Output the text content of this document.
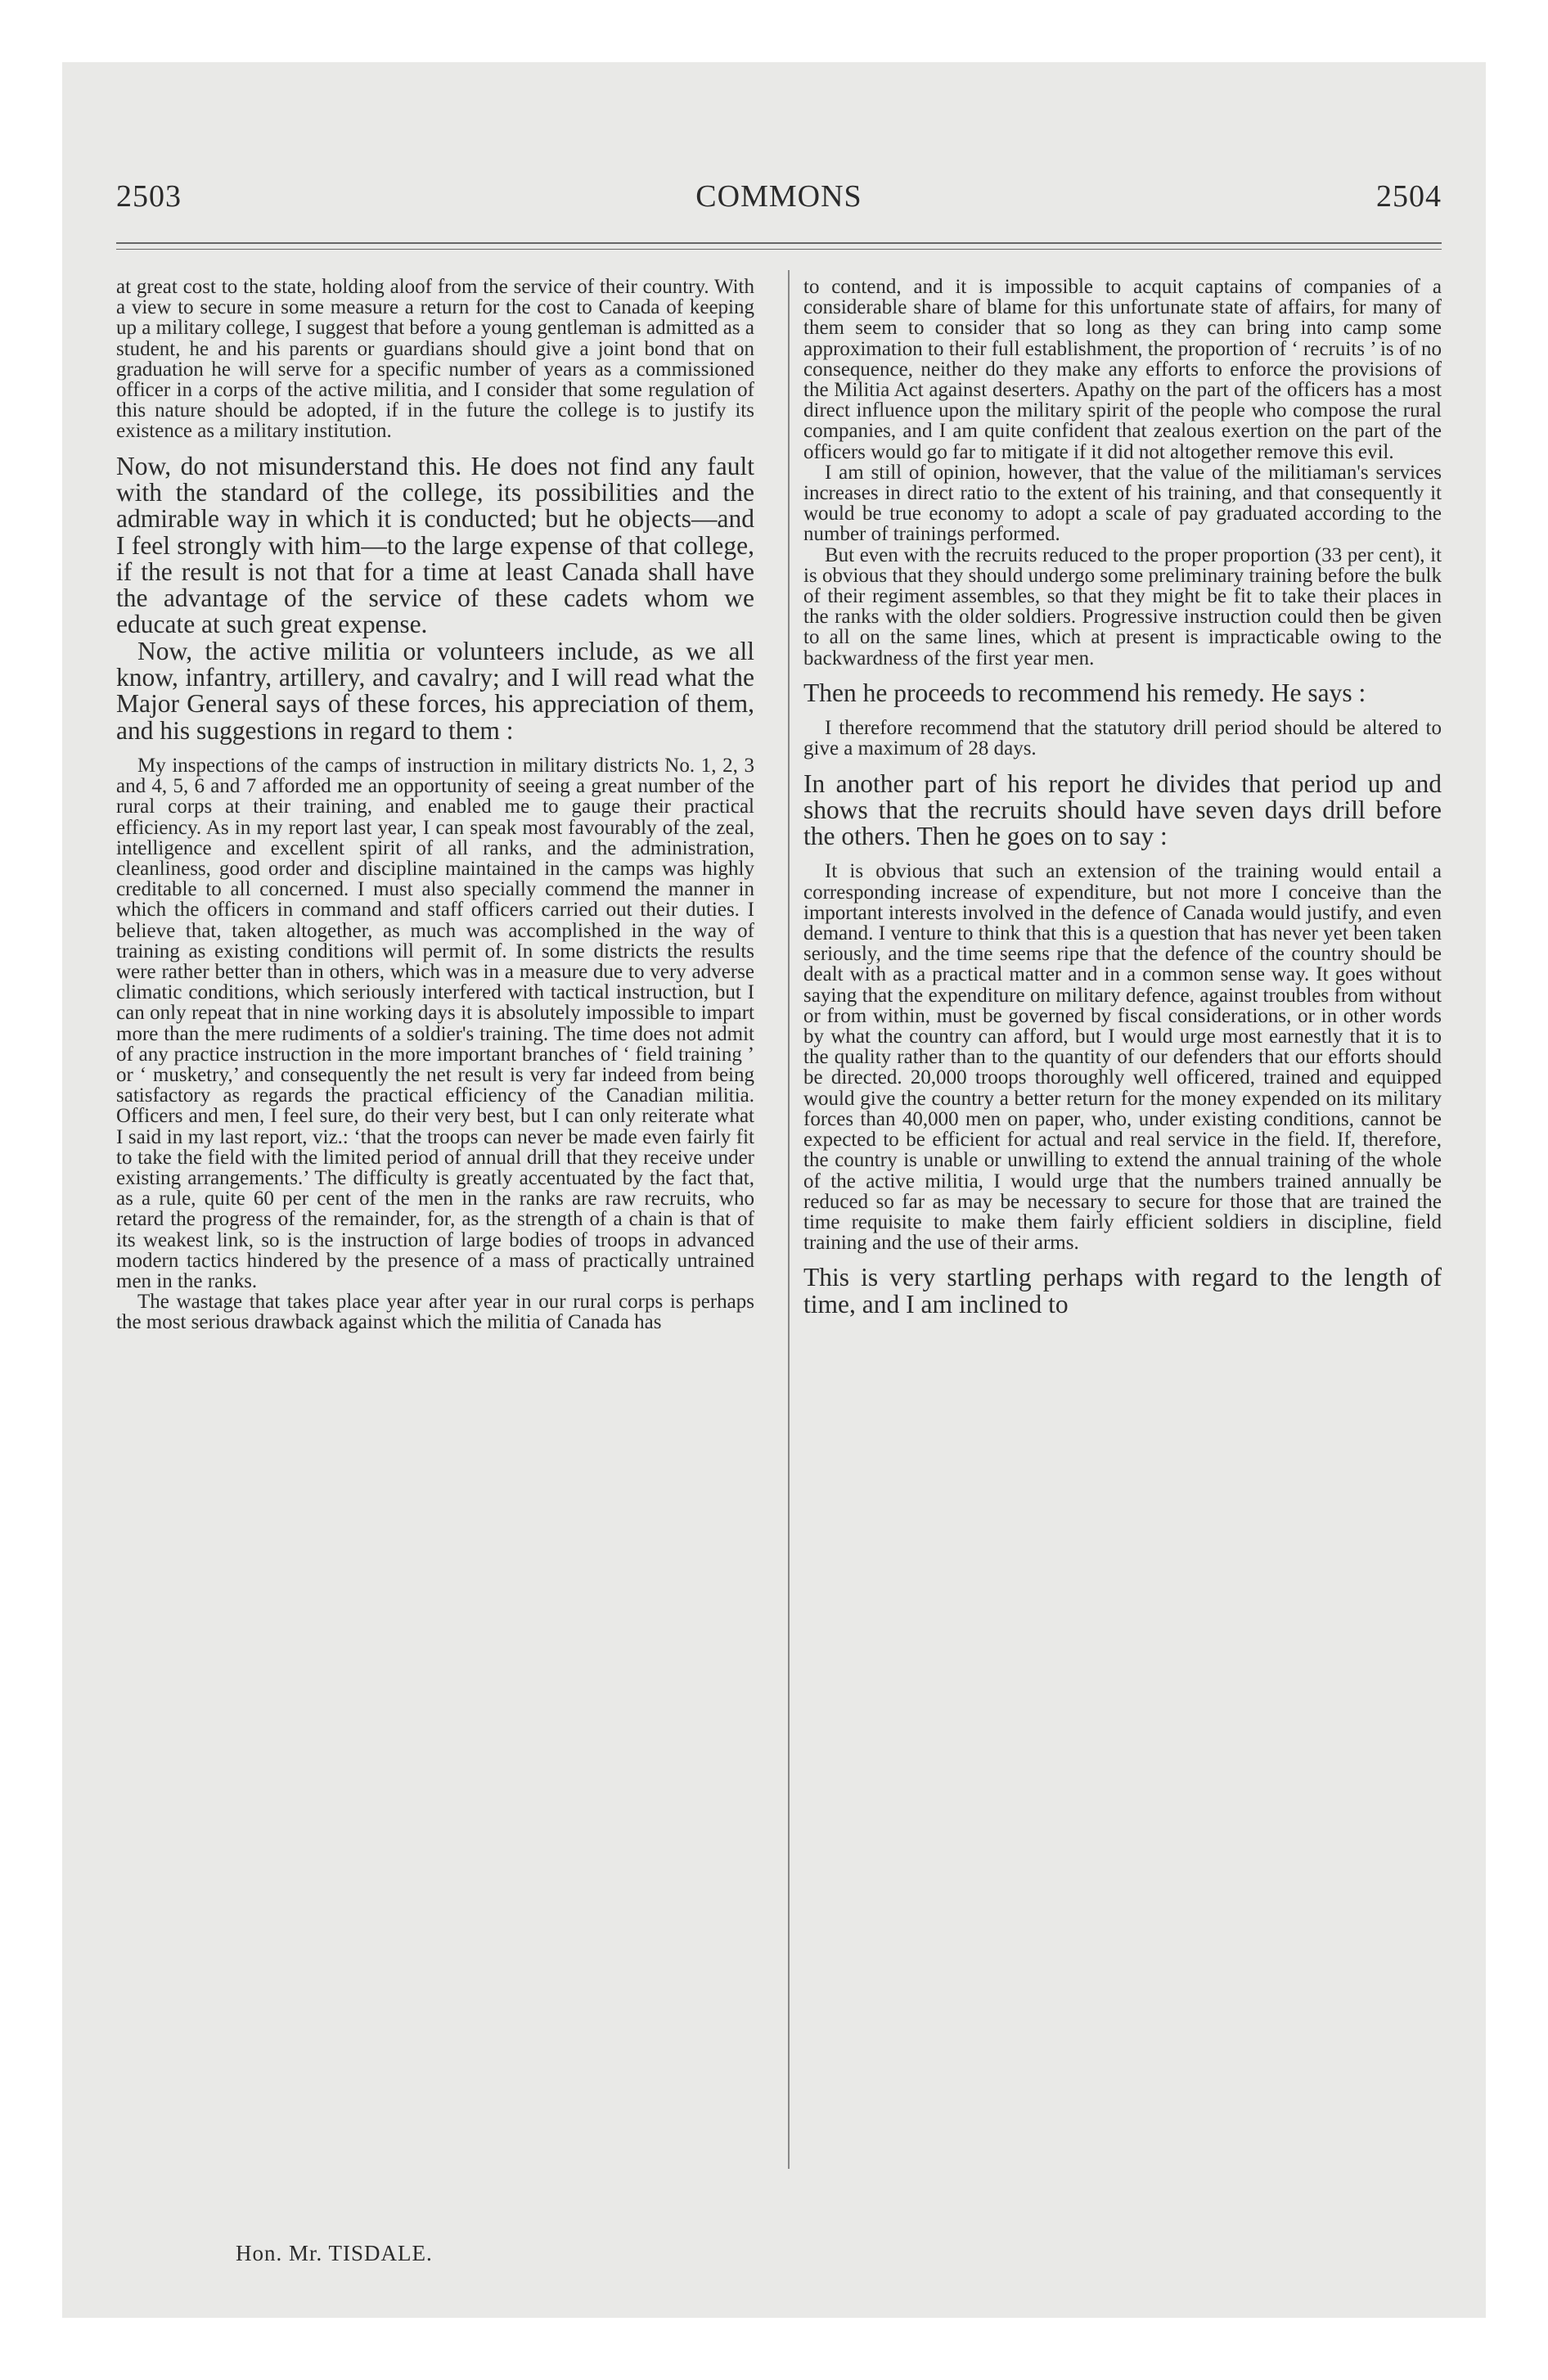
2503	COMMONS	2504

at great cost to the state, holding aloof from the service of their country. With a view to secure in some measure a return for the cost to Canada of keeping up a military college, I suggest that before a young gentleman is admitted as a student, he and his parents or guardians should give a joint bond that on graduation he will serve for a specific number of years as a commissioned officer in a corps of the active militia, and I consider that some regulation of this nature should be adopted, if in the future the college is to justify its existence as a military institution.

Now, do not misunderstand this. He does not find any fault with the standard of the college, its possibilities and the admirable way in which it is conducted; but he objects—and I feel strongly with him—to the large expense of that college, if the result is not that for a time at least Canada shall have the advantage of the service of these cadets whom we educate at such great expense.

Now, the active militia or volunteers include, as we all know, infantry, artillery, and cavalry; and I will read what the Major General says of these forces, his appreciation of them, and his suggestions in regard to them :

My inspections of the camps of instruction in military districts No. 1, 2, 3 and 4, 5, 6 and 7 afforded me an opportunity of seeing a great number of the rural corps at their training, and enabled me to gauge their practical efficiency. As in my report last year, I can speak most favourably of the zeal, intelligence and excellent spirit of all ranks, and the administration, cleanliness, good order and discipline maintained in the camps was highly creditable to all concerned. I must also specially commend the manner in which the officers in command and staff officers carried out their duties. I believe that, taken altogether, as much was accomplished in the way of training as existing conditions will permit of. In some districts the results were rather better than in others, which was in a measure due to very adverse climatic conditions, which seriously interfered with tactical instruction, but I can only repeat that in nine working days it is absolutely impossible to impart more than the mere rudiments of a soldier's training. The time does not admit of any practice instruction in the more important branches of ‘ field training ’ or ‘ musketry,’ and consequently the net result is very far indeed from being satisfactory as regards the practical efficiency of the Canadian militia. Officers and men, I feel sure, do their very best, but I can only reiterate what I said in my last report, viz.: ‘that the troops can never be made even fairly fit to take the field with the limited period of annual drill that they receive under existing arrangements.’ The difficulty is greatly accentuated by the fact that, as a rule, quite 60 per cent of the men in the ranks are raw recruits, who retard the progress of the remainder, for, as the strength of a chain is that of its weakest link, so is the instruction of large bodies of troops in advanced modern tactics hindered by the presence of a mass of practically untrained men in the ranks.

The wastage that takes place year after year in our rural corps is perhaps the most serious drawback against which the militia of Canada has

to contend, and it is impossible to acquit captains of companies of a considerable share of blame for this unfortunate state of affairs, for many of them seem to consider that so long as they can bring into camp some approximation to their full establishment, the proportion of ‘ recruits ’ is of no consequence, neither do they make any efforts to enforce the provisions of the Militia Act against deserters. Apathy on the part of the officers has a most direct influence upon the military spirit of the people who compose the rural companies, and I am quite confident that zealous exertion on the part of the officers would go far to mitigate if it did not altogether remove this evil.

I am still of opinion, however, that the value of the militiaman's services increases in direct ratio to the extent of his training, and that consequently it would be true economy to adopt a scale of pay graduated according to the number of trainings performed.

But even with the recruits reduced to the proper proportion (33 per cent), it is obvious that they should undergo some preliminary training before the bulk of their regiment assembles, so that they might be fit to take their places in the ranks with the older soldiers. Progressive instruction could then be given to all on the same lines, which at present is impracticable owing to the backwardness of the first year men.

Then he proceeds to recommend his remedy. He says :

I therefore recommend that the statutory drill period should be altered to give a maximum of 28 days.

In another part of his report he divides that period up and shows that the recruits should have seven days drill before the others. Then he goes on to say :

It is obvious that such an extension of the training would entail a corresponding increase of expenditure, but not more I conceive than the important interests involved in the defence of Canada would justify, and even demand. I venture to think that this is a question that has never yet been taken seriously, and the time seems ripe that the defence of the country should be dealt with as a practical matter and in a common sense way. It goes without saying that the expenditure on military defence, against troubles from without or from within, must be governed by fiscal considerations, or in other words by what the country can afford, but I would urge most earnestly that it is to the quality rather than to the quantity of our defenders that our efforts should be directed. 20,000 troops thoroughly well officered, trained and equipped would give the country a better return for the money expended on its military forces than 40,000 men on paper, who, under existing conditions, cannot be expected to be efficient for actual and real service in the field. If, therefore, the country is unable or unwilling to extend the annual training of the whole of the active militia, I would urge that the numbers trained annually be reduced so far as may be necessary to secure for those that are trained the time requisite to make them fairly efficient soldiers in discipline, field training and the use of their arms.

This is very startling perhaps with regard to the length of time, and I am inclined to

Hon. Mr. TISDALE.
